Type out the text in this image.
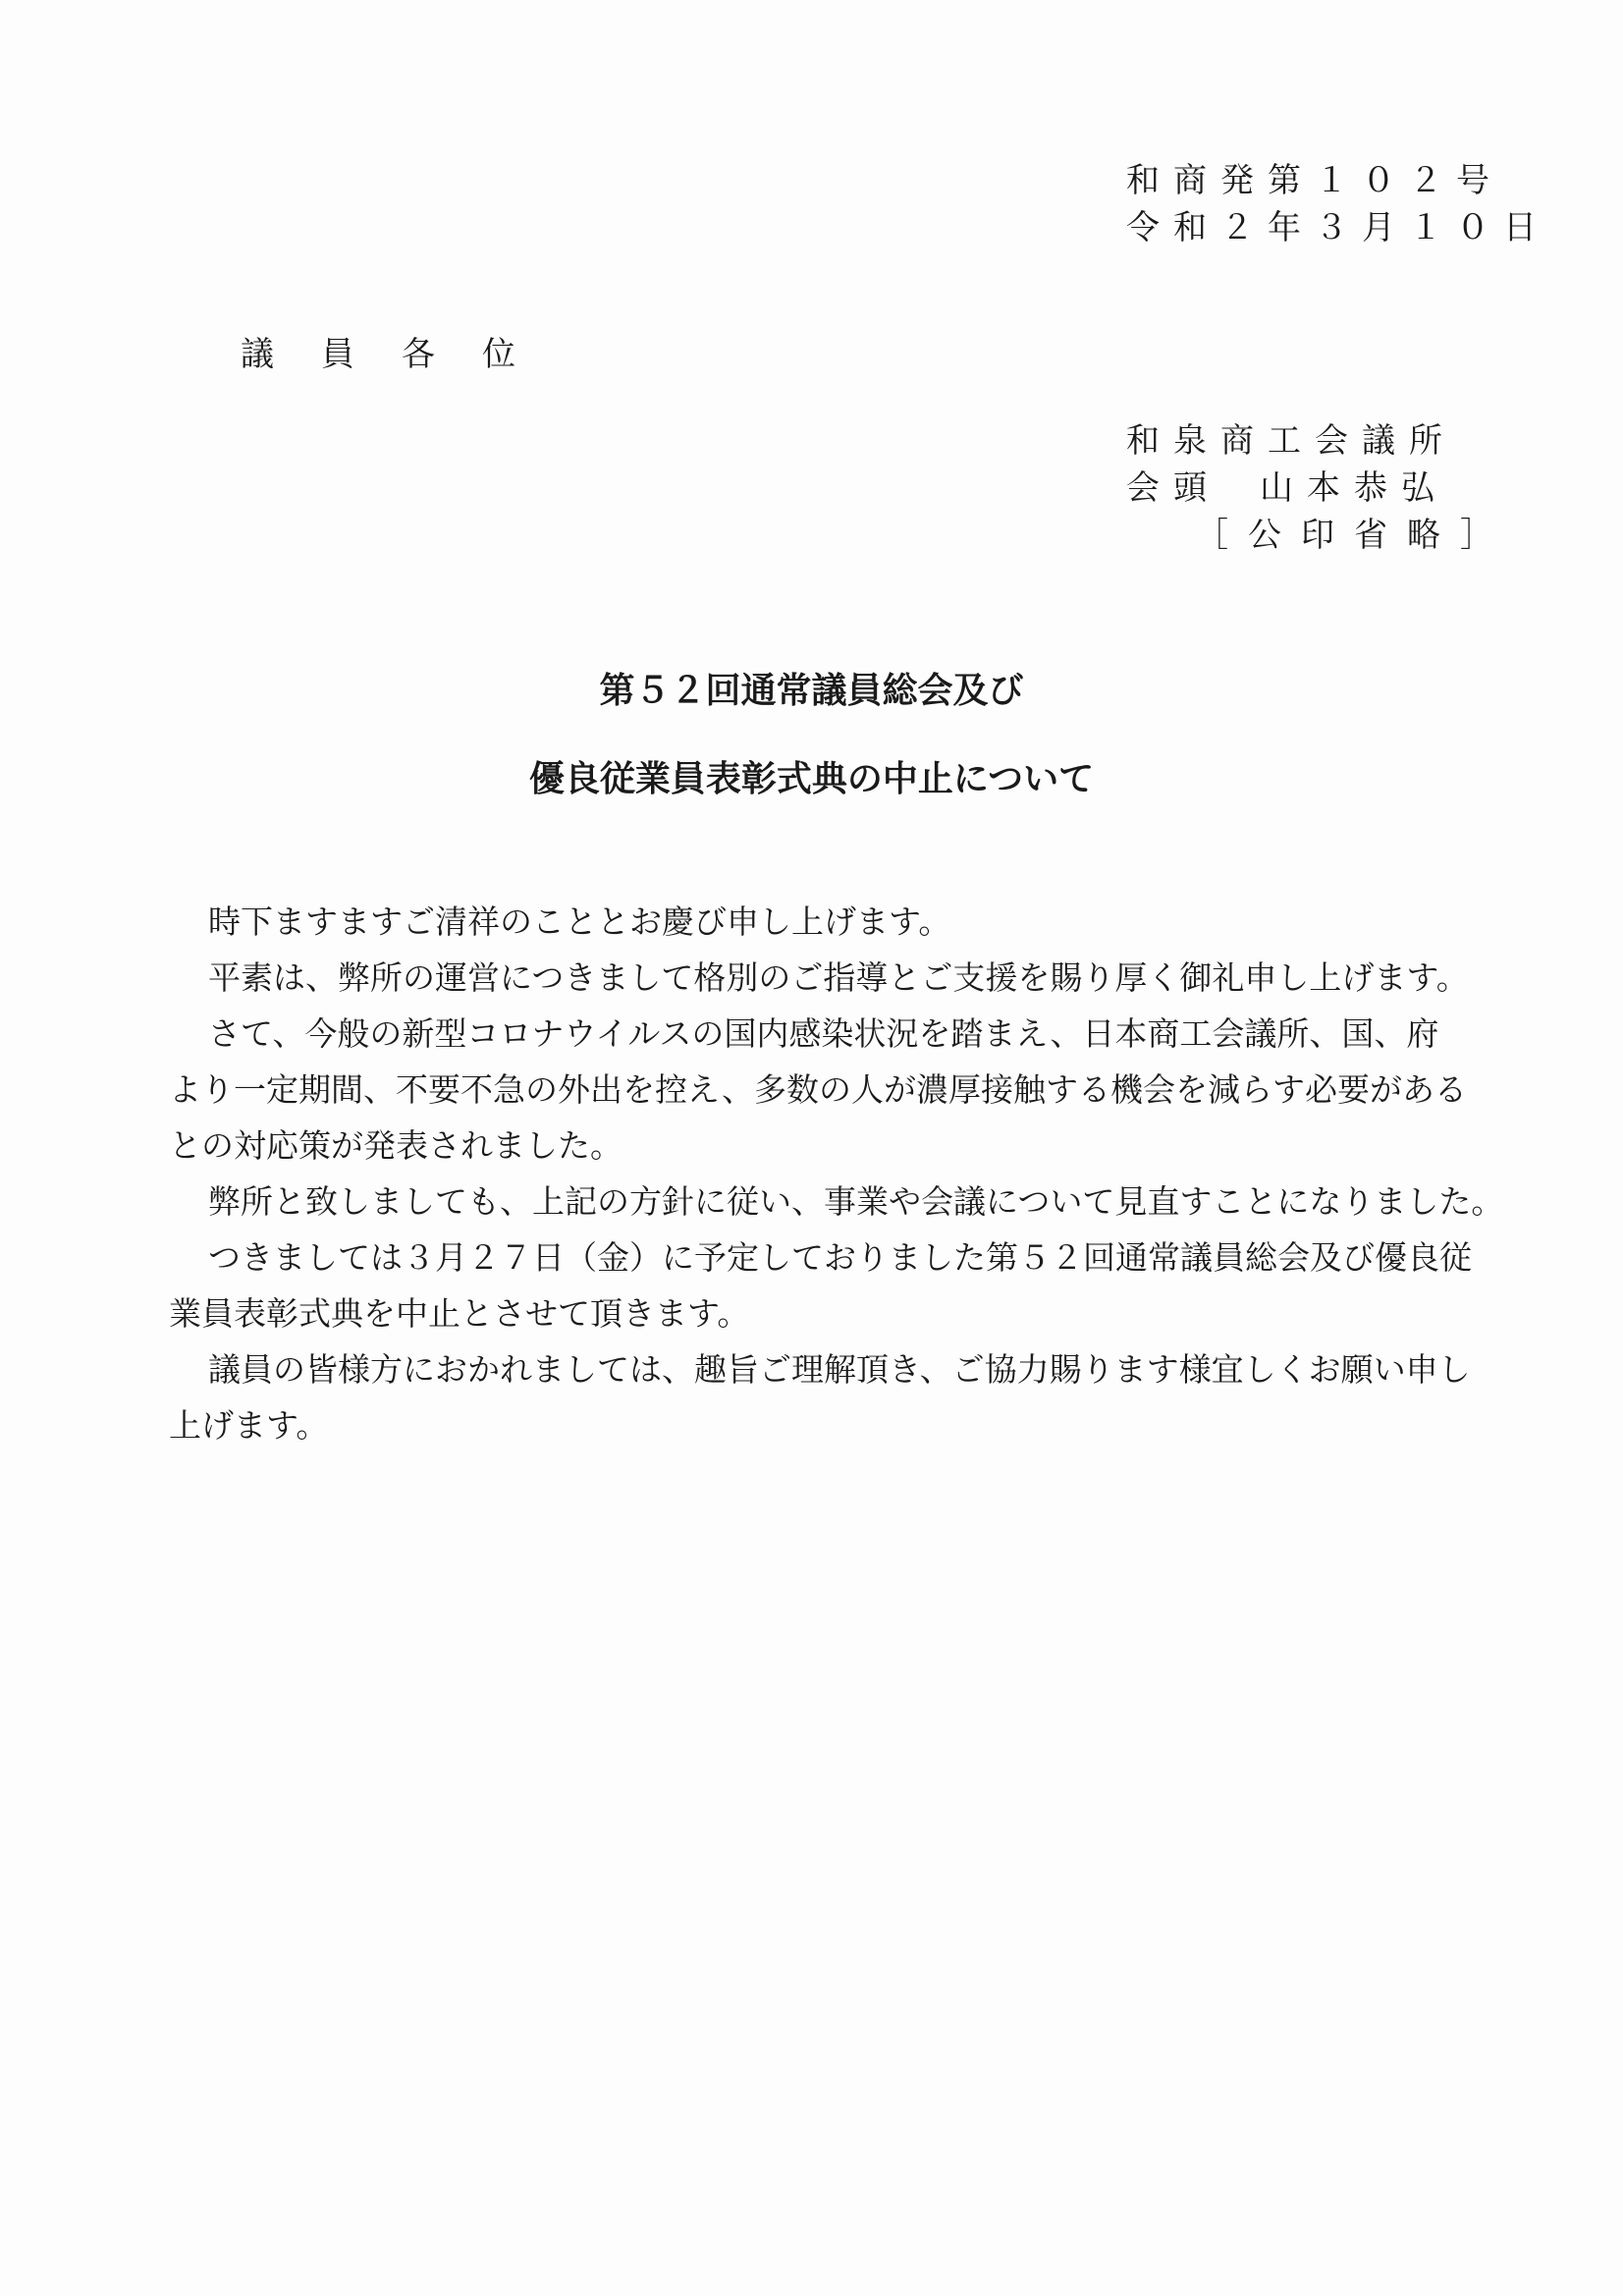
和商発第１０２号
令和２年３月１０日
議員各位
和泉商工会議所
会頭 山本恭弘
［公印省略］
第５２回通常議員総会及び
優良従業員表彰式典の中止について

時下ますますご清祥のこととお慶び申し上げます。

平素は、弊所の運営につきまして格別のご指導とご支援を賜り厚く御礼申し上げます。

さて、今般の新型コロナウイルスの国内感染状況を踏まえ、日本商工会議所、国、府

より一定期間、不要不急の外出を控え、多数の人が濃厚接触する機会を減らす必要がある

との対応策が発表されました。

弊所と致しましても、上記の方針に従い、事業や会議について見直すことになりました。

つきましては３月２７日（金）に予定しておりました第５２回通常議員総会及び優良従

業員表彰式典を中止とさせて頂きます。

議員の皆様方におかれましては、趣旨ご理解頂き、ご協力賜ります様宜しくお願い申し

上げます。
